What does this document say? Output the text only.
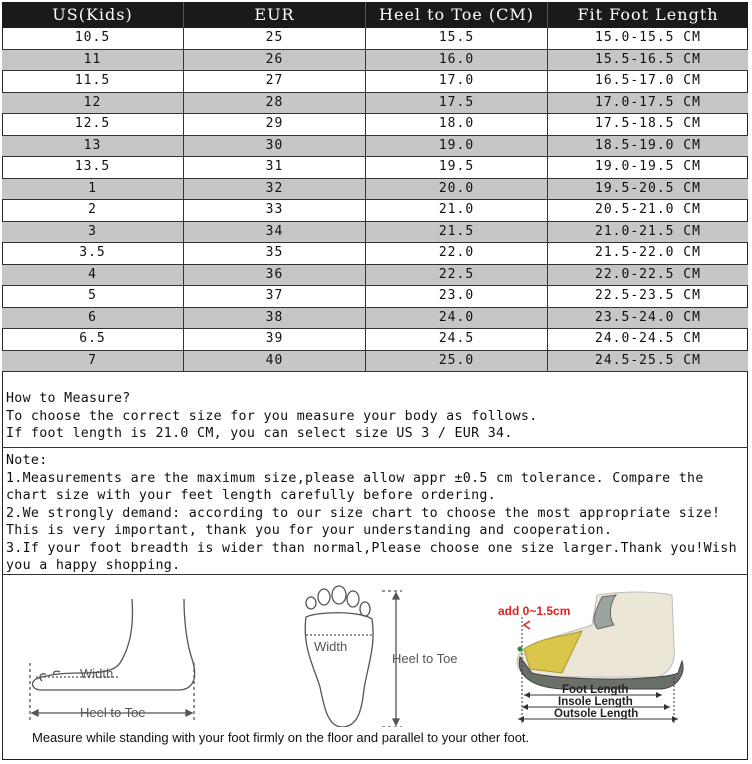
US(Kids)	EUR	Heel to Toe (CM)	Fit Foot Length
10.5	25	15.5	15.0-15.5 CM
11	26	16.0	15.5-16.5 CM
11.5	27	17.0	16.5-17.0 CM
12	28	17.5	17.0-17.5 CM
12.5	29	18.0	17.5-18.5 CM
13	30	19.0	18.5-19.0 CM
13.5	31	19.5	19.0-19.5 CM
1	32	20.0	19.5-20.5 CM
2	33	21.0	20.5-21.0 CM
3	34	21.5	21.0-21.5 CM
3.5	35	22.0	21.5-22.0 CM
4	36	22.5	22.0-22.5 CM
5	37	23.0	22.5-23.5 CM
6	38	24.0	23.5-24.0 CM
6.5	39	24.5	24.0-24.5 CM
7	40	25.0	24.5-25.5 CM

How to Measure?

To choose the correct size for you measure your body as follows.

If foot length is 21.0 CM, you can select size US 3 / EUR 34.

Note:

1.Measurements are the maximum size,please allow appr ±0.5 cm tolerance. Compare the chart size with your feet length carefully before ordering.

2.We strongly demand: according to our size chart to choose the most appropriate size! This is very important, thank you for your understanding and cooperation.

3.If your foot breadth is wider than normal,Please choose one size larger.Thank you!Wish you a happy shopping.

Width
Heel to Toe
Width
Heel to Toe
add 0~1.5cm
Foot Length
Insole Length
Outsole Length
Measure while standing with your foot firmly on the floor and parallel to your other foot.
